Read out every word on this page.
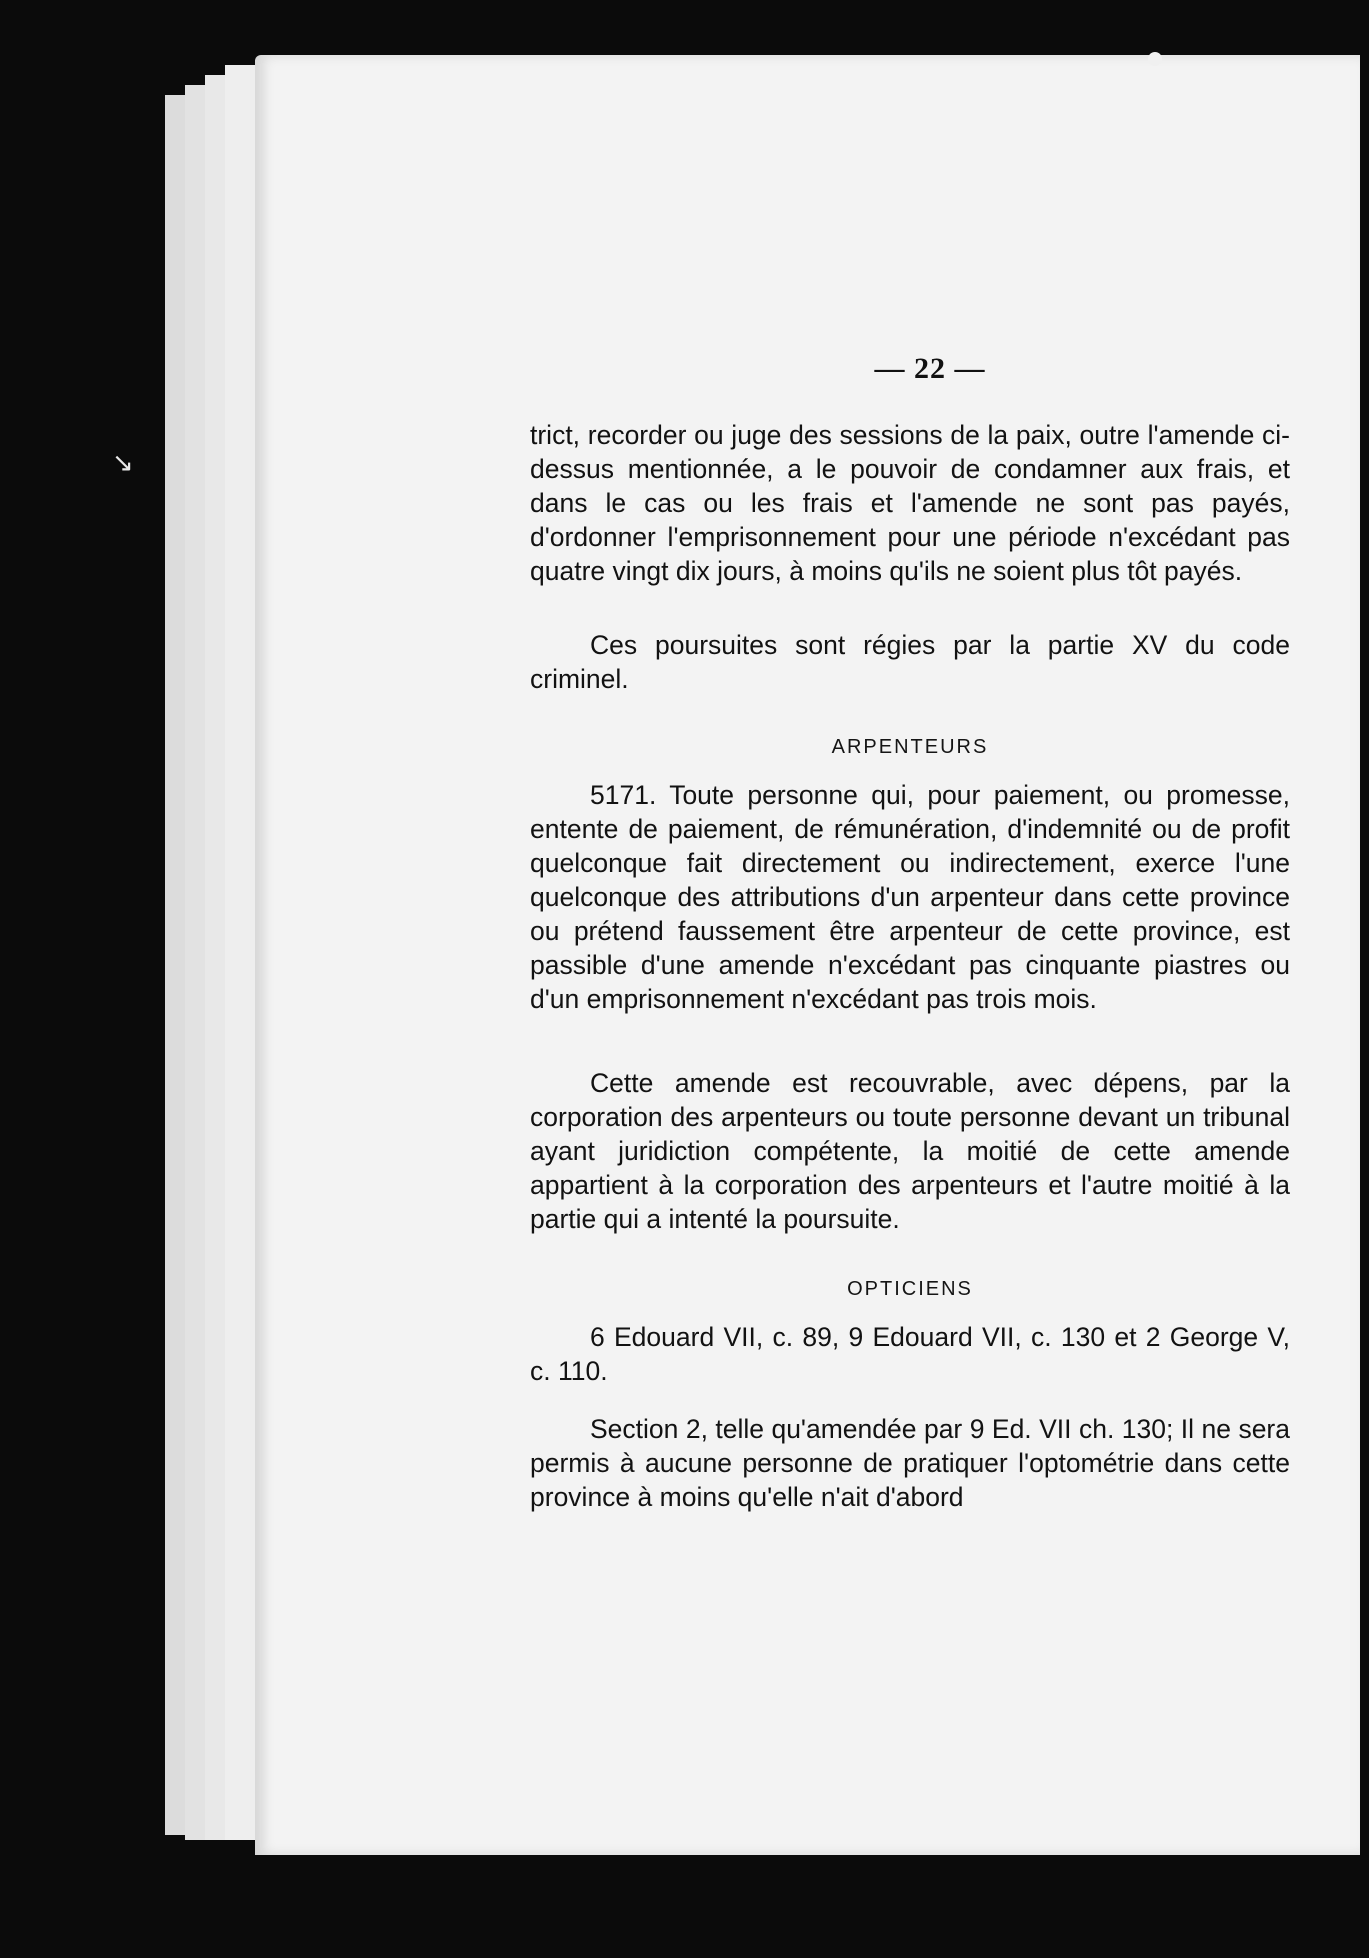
↘
— 22 —

trict, recorder ou juge des sessions de la paix, outre l'amende ci-dessus mentionnée, a le pouvoir de condamner aux frais, et dans le cas ou les frais et l'amende ne sont pas payés, d'ordonner l'emprisonnement pour une période n'excédant pas quatre vingt dix jours, à moins qu'ils ne soient plus tôt payés.

Ces poursuites sont régies par la partie XV du code criminel.

ARPENTEURS

5171. Toute personne qui, pour paiement, ou promesse, entente de paiement, de rémunération, d'indemnité ou de profit quelconque fait directement ou indirectement, exerce l'une quelconque des attributions d'un arpenteur dans cette province ou prétend faussement être arpenteur de cette province, est passible d'une amende n'excédant pas cinquante piastres ou d'un emprisonnement n'excédant pas trois mois.

Cette amende est recouvrable, avec dépens, par la corporation des arpenteurs ou toute personne devant un tribunal ayant juridiction compétente, la moitié de cette amende appartient à la corporation des arpenteurs et l'autre moitié à la partie qui a intenté la poursuite.

OPTICIENS

6 Edouard VII, c. 89, 9 Edouard VII, c. 130 et 2 George V, c. 110.

Section 2, telle qu'amendée par 9 Ed. VII ch. 130; Il ne sera permis à aucune personne de pratiquer l'optométrie dans cette province à moins qu'elle n'ait d'abord
